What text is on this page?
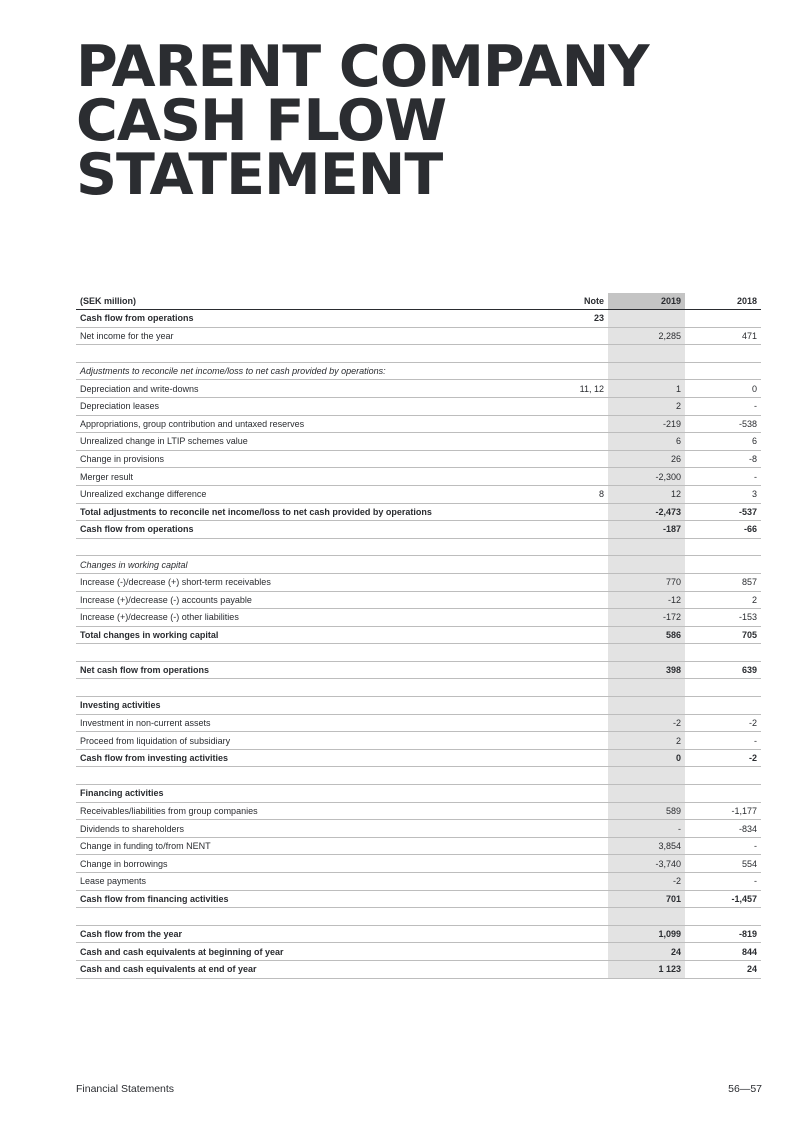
PARENT COMPANY
CASH FLOW
STATEMENT
(SEK million)	Note	2019	2018
Cash flow from operations	23		
Net income for the year		2,285	471

Adjustments to reconcile net income/loss to net cash provided by operations:			
Depreciation and write-downs	11, 12	1	0
Depreciation leases		2	-
Appropriations, group contribution and untaxed reserves		-219	-538
Unrealized change in LTIP schemes value		6	6
Change in provisions		26	-8
Merger result		-2,300	-
Unrealized exchange difference	8	12	3
Total adjustments to reconcile net income/loss to net cash provided by operations		-2,473	-537
Cash flow from operations		-187	-66

Changes in working capital			
Increase (-)/decrease (+) short-term receivables		770	857
Increase (+)/decrease (-) accounts payable		-12	2
Increase (+)/decrease (-) other liabilities		-172	-153
Total changes in working capital		586	705

Net cash flow from operations		398	639

Investing activities			
Investment in non-current assets		-2	-2
Proceed from liquidation of subsidiary		2	-
Cash flow from investing activities		0	-2

Financing activities			
Receivables/liabilities from group companies		589	-1,177
Dividends to shareholders		-	-834
Change in funding to/from NENT		3,854	-
Change in borrowings		-3,740	554
Lease payments		-2	-
Cash flow from financing activities		701	-1,457

Cash flow from the year		1,099	-819
Cash and cash equivalents at beginning of year		24	844
Cash and cash equivalents at end of year		1 123	24
Financial Statements	56—57
